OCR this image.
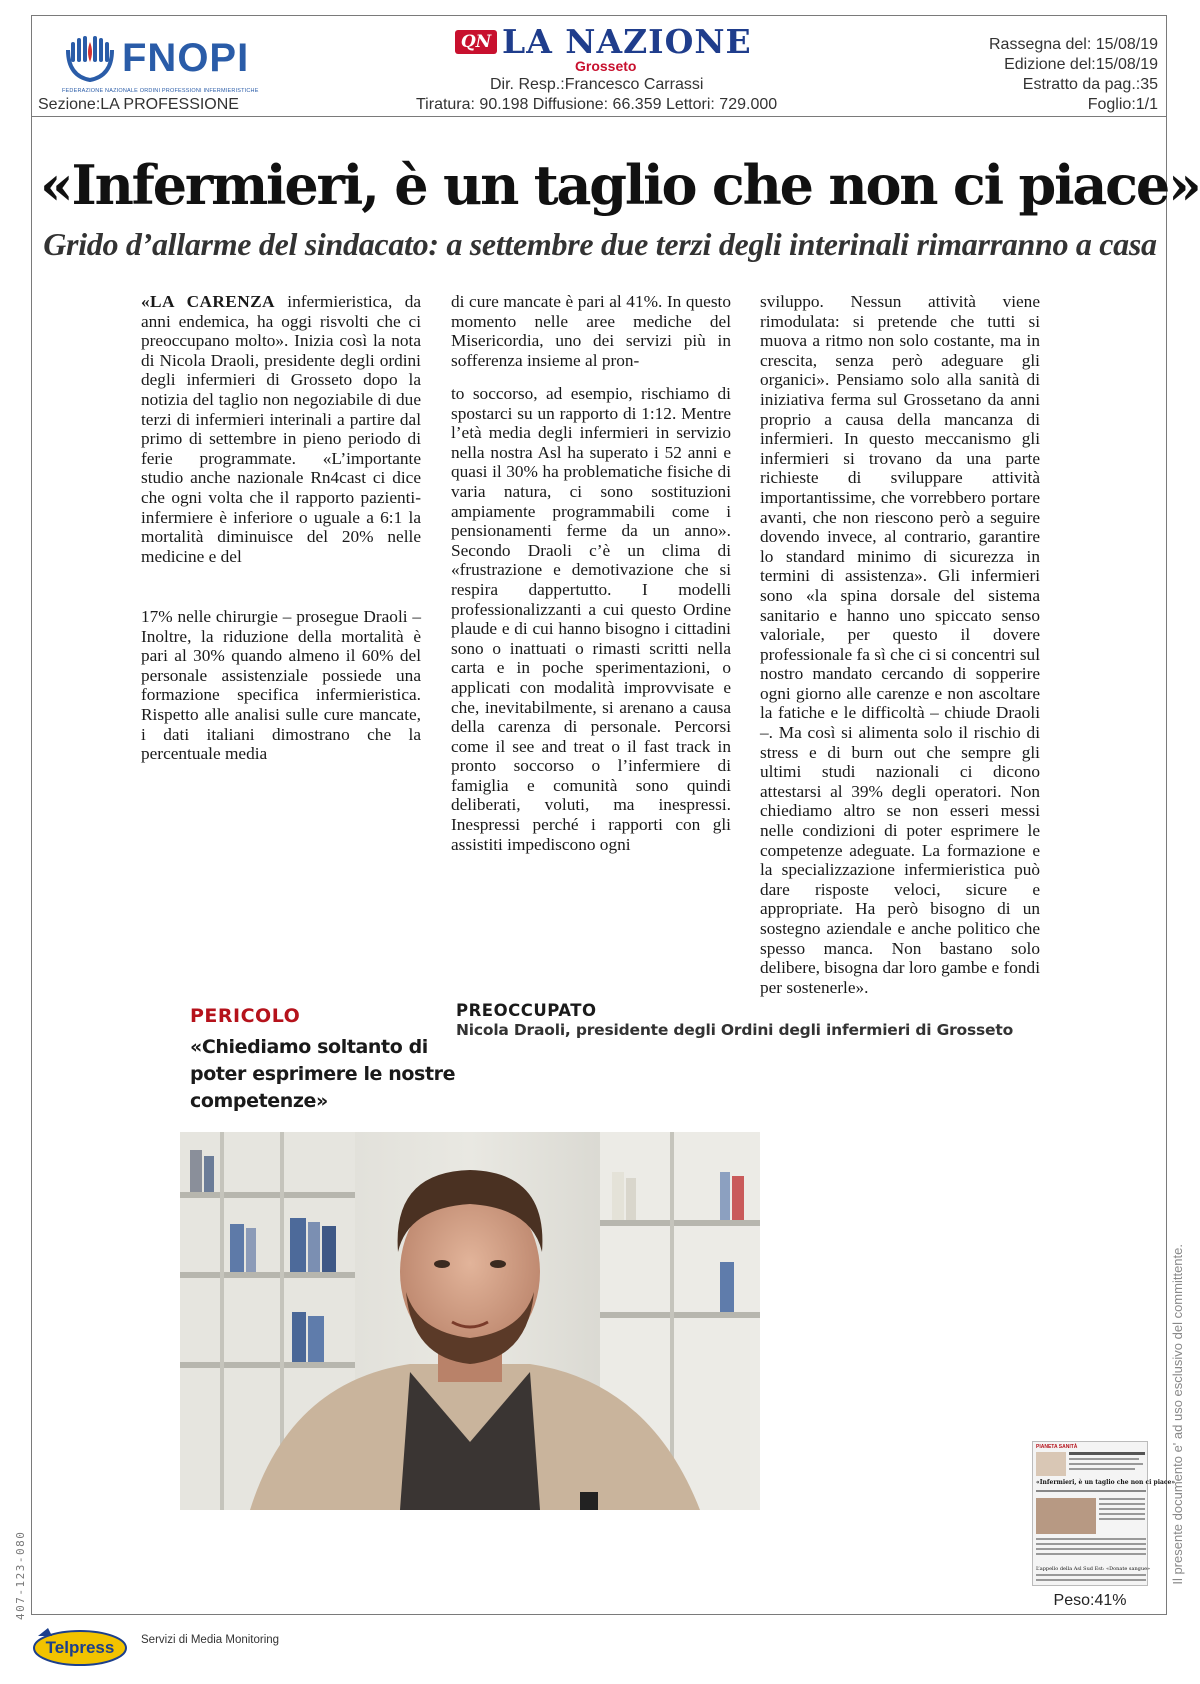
FNOPI
FEDERAZIONE NAZIONALE ORDINI PROFESSIONI INFERMIERISTICHE
Sezione:LA PROFESSIONE
QN LA NAZIONE
Grosseto
Dir. Resp.:Francesco Carrassi
Tiratura: 90.198 Diffusione: 66.359 Lettori: 729.000
Rassegna del: 15/08/19
Edizione del:15/08/19
Estratto da pag.:35
Foglio:1/1
«Infermieri, è un taglio che non ci piace»
Grido d’allarme del sindacato: a settembre due terzi degli interinali rimarranno a casa

«LA CARENZA infermieristica, da anni endemica, ha oggi risvolti che ci preoccupano molto». Inizia così la nota di Nicola Draoli, presidente degli ordini degli infermieri di Grosseto dopo la notizia del taglio non negoziabile di due terzi di infermieri interinali a partire dal primo di settembre in pieno periodo di ferie programmate. «L’importante studio anche nazionale Rn4cast ci dice che ogni volta che il rapporto pazienti-infermiere è inferiore o uguale a 6:1 la mortalità diminuisce del 20% nelle medicine e del

17% nelle chirurgie – prosegue Draoli – Inoltre, la riduzione della mortalità è pari al 30% quando almeno il 60% del personale assistenziale possiede una formazione specifica infermieristica. Rispetto alle analisi sulle cure mancate, i dati italiani dimostrano che la percentuale media

di cure mancate è pari al 41%. In questo momento nelle aree mediche del Misericordia, uno dei servizi più in sofferenza insieme al pron-

to soccorso, ad esempio, rischiamo di spostarci su un rapporto di 1:12. Mentre l’età media degli infermieri in servizio nella nostra Asl ha superato i 52 anni e quasi il 30% ha problematiche fisiche di varia natura, ci sono sostituzioni ampiamente programmabili come i pensionamenti ferme da un anno». Secondo Draoli c’è un clima di «frustrazione e demotivazione che si respira dappertutto. I modelli professionalizzanti a cui questo Ordine plaude e di cui hanno bisogno i cittadini sono o inattuati o rimasti scritti nella carta e in poche sperimentazioni, o applicati con modalità improvvisate e che, inevitabilmente, si arenano a causa della carenza di personale. Percorsi come il see and treat o il fast track in pronto soccorso o l’infermiere di famiglia e comunità sono quindi deliberati, voluti, ma inespressi. Inespressi perché i rapporti con gli assistiti impediscono ogni

sviluppo. Nessun attività viene rimodulata: si pretende che tutti si muova a ritmo non solo costante, ma in crescita, senza però adeguare gli organici». Pensiamo solo alla sanità di iniziativa ferma sul Grossetano da anni proprio a causa della mancanza di infermieri. In questo meccanismo gli infermieri si trovano da una parte richieste di sviluppare attività importantissime, che vorrebbero portare avanti, che non riescono però a seguire dovendo invece, al contrario, garantire lo standard minimo di sicurezza in termini di assistenza». Gli infermieri sono «la spina dorsale del sistema sanitario e hanno uno spiccato senso valoriale, per questo il dovere professionale fa sì che ci si concentri sul nostro mandato cercando di sopperire ogni giorno alle carenze e non ascoltare la fatiche e le difficoltà – chiude Draoli –. Ma così si alimenta solo il rischio di stress e di burn out che sempre gli ultimi studi nazionali ci dicono attestarsi al 39% degli operatori. Non chiediamo altro se non esseri messi nelle condizioni di poter esprimere le competenze adeguate. La formazione e la specializzazione infermieristica può dare risposte veloci, sicure e appropriate. Ha però bisogno di un sostegno aziendale e anche politico che spesso manca. Non bastano solo delibere, bisogna dar loro gambe e fondi per sostenerle».

PERICOLO
«Chiediamo soltanto di poter esprimere le nostre competenze»
PREOCCUPATO
Nicola Draoli, presidente degli Ordini degli infermieri di Grosseto
PIANETA SANITÀ
«Infermieri, è un taglio che non ci piace»
L’appello della Asl Sud Est: «Donate sangue»
Peso:41%
Il presente documento e' ad uso esclusivo del committente.
407-123-080
Telpress Servizi di Media Monitoring
